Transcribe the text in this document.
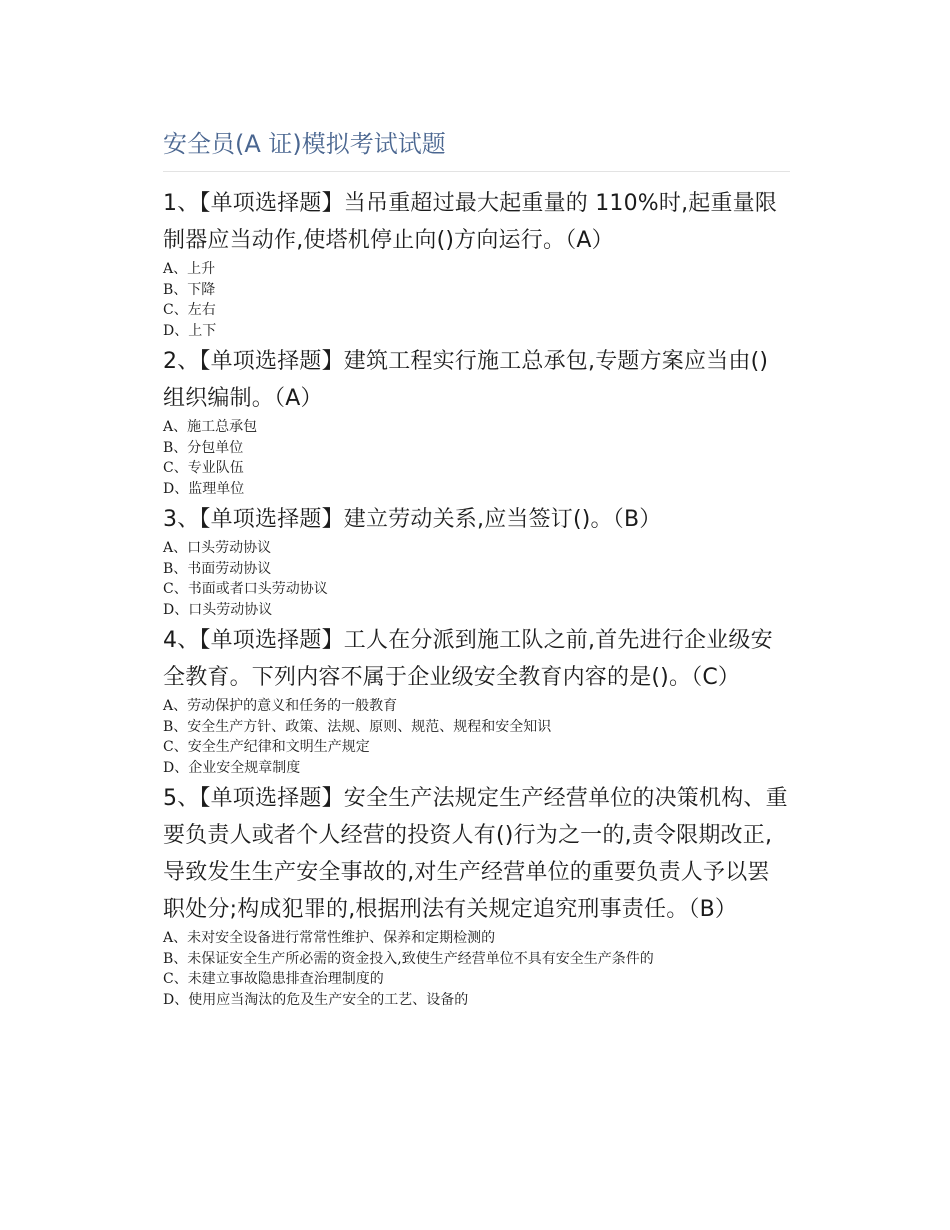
安全员(A 证)模拟考试试题

1、【单项选择题】当吊重超过最大起重量的 110%时,起重量限制器应当动作,使塔机停止向()方向运行。（A）

A、上升
B、下降
C、左右
D、上下

2、【单项选择题】建筑工程实行施工总承包,专题方案应当由()组织编制。（A）

A、施工总承包
B、分包单位
C、专业队伍
D、监理单位

3、【单项选择题】建立劳动关系,应当签订()。（B）

A、口头劳动协议
B、书面劳动协议
C、书面或者口头劳动协议
D、口头劳动协议

4、【单项选择题】工人在分派到施工队之前,首先进行企业级安全教育。下列内容不属于企业级安全教育内容的是()。（C）

A、劳动保护的意义和任务的一般教育
B、安全生产方针、政策、法规、原则、规范、规程和安全知识
C、安全生产纪律和文明生产规定
D、企业安全规章制度

5、【单项选择题】安全生产法规定生产经营单位的决策机构、重要负责人或者个人经营的投资人有()行为之一的,责令限期改正,导致发生生产安全事故的,对生产经营单位的重要负责人予以罢职处分;构成犯罪的,根据刑法有关规定追究刑事责任。（B）

A、未对安全设备进行常常性维护、保养和定期检测的
B、未保证安全生产所必需的资金投入,致使生产经营单位不具有安全生产条件的
C、未建立事故隐患排查治理制度的
D、使用应当淘汰的危及生产安全的工艺、设备的
